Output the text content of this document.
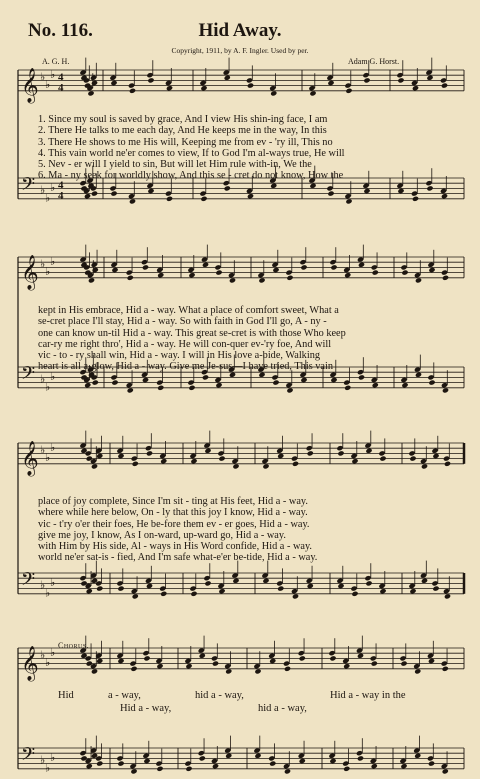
No. 116.	Hid Away.
Copyright, 1911, by A. F. Ingler. Used by per.
A. G. H.	Adam G. Horst.
𝄞 ♭
♭
♭ 4
4
𝄢 ♭
♭
♭ 4
4
1. Since my soul is saved by grace, And I view His shin-ing face, I am
2. There He talks to me each day, And He keeps me in the way, In this
3. There He shows to me His will, Keeping me from ev - 'ry ill, This no
4. This vain world ne'er comes to view, If to God I'm al-ways true, He will
5. Nev - er will I yield to sin, But will let Him rule with-in, We the
6. Ma - ny seek for worldly show, And this se - cret do not know, How the
𝄞 ♭
♭
♭
𝄢 ♭
♭
♭
kept in His embrace, Hid a - way. What a place of comfort sweet, What a
se-cret place I'll stay, Hid a - way. So with faith in God I'll go, A - ny -
one can know un-til Hid a - way. This great se-cret is with those Who keep
car-ry me right thro', Hid a - way. He will con-quer ev-'ry foe, And will
vic - to - ry shall win, Hid a - way. I will in His love a-bide, Walking
heart is all a-glow, Hid a - way. Give me Je-sus—I have tried, This vain
𝄞 ♭
♭
♭
𝄢 ♭
♭
♭
place of joy complete, Since I'm sit - ting at His feet, Hid a - way.
where while here below, On - ly that this joy I know, Hid a - way.
vic - t'ry o'er their foes, He be-fore them ev - er goes, Hid a - way.
give me joy, I know, As I on-ward, up-ward go, Hid a - way.
with Him by His side, Al - ways in His Word confide, Hid a - way.
world ne'er sat-is - fied, And I'm safe what-e'er be-tide, Hid a - way.
𝄞 ♭
♭
♭
𝄢 ♭
♭
♭
Chorus.
Hid	a - way,	hid a - way,	Hid a - way in the
Hid a - way,	hid a - way,
